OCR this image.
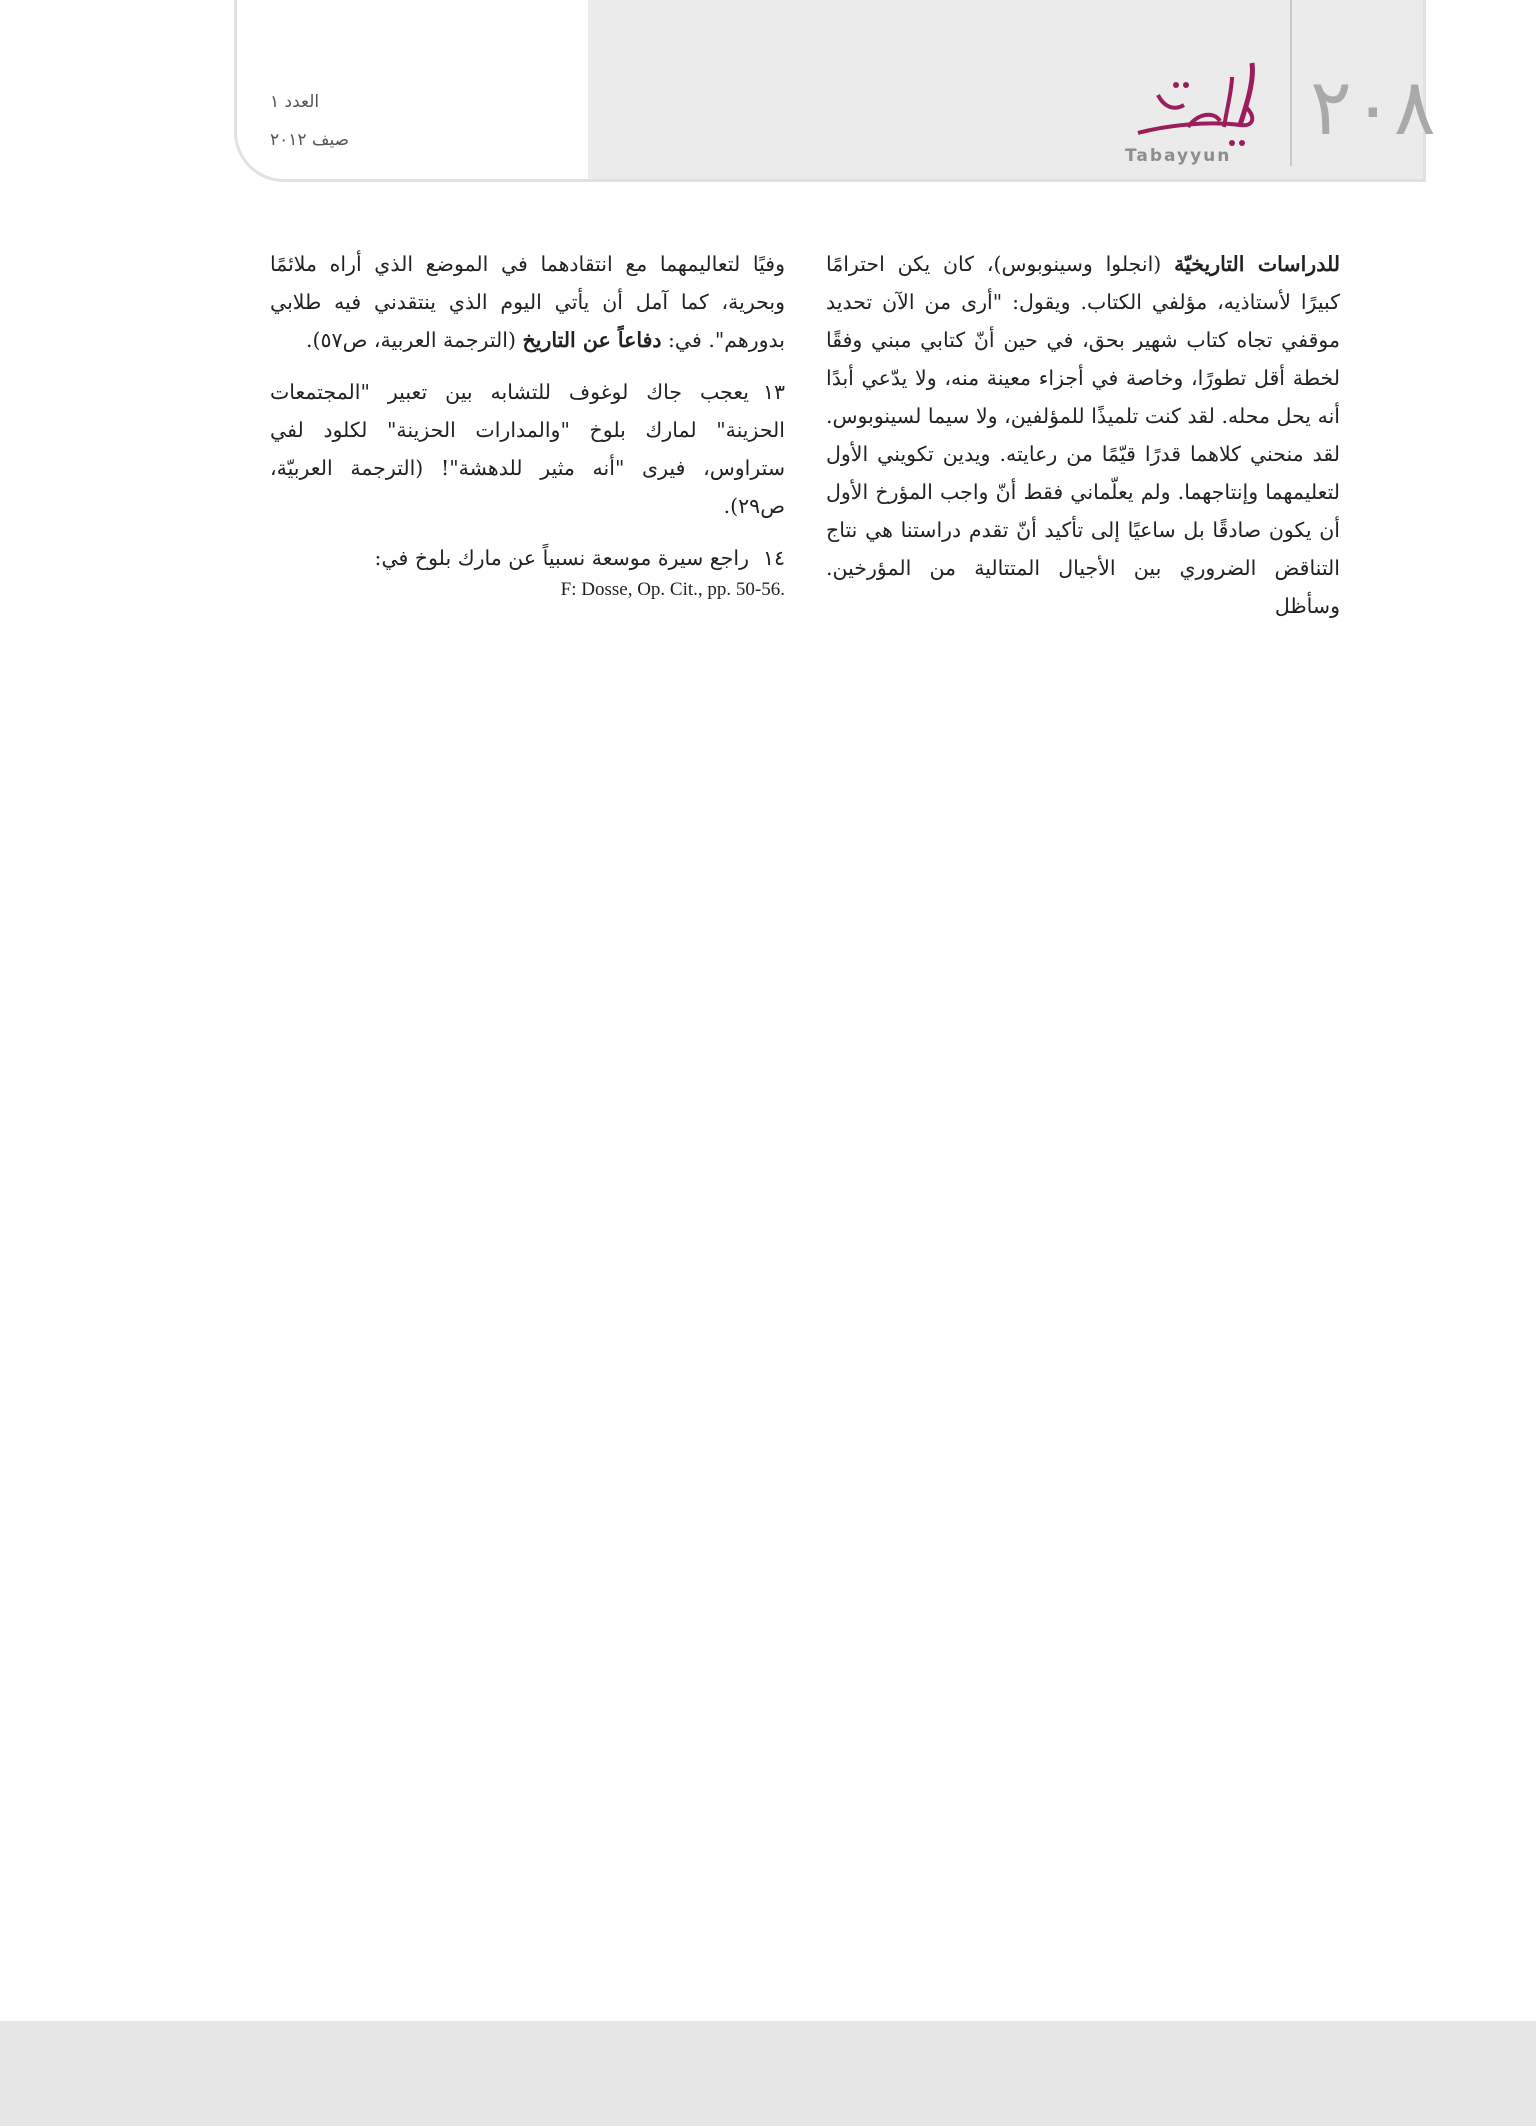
٢٠٨
Tabayyun
العدد ١
صيف ٢٠١٢

للدراسات التاريخيّة (انجلوا وسينوبوس)، كان يكن احترامًا كبيرًا لأستاذيه، مؤلفي الكتاب. ويقول: "أرى من الآن تحديد موقفي تجاه كتاب شهير بحق، في حين أنّ كتابي مبني وفقًا لخطة أقل تطورًا، وخاصة في أجزاء معينة منه، ولا يدّعي أبدًا أنه يحل محله. لقد كنت تلميذًا للمؤلفين، ولا سيما لسينوبوس. لقد منحني كلاهما قدرًا قيّمًا من رعايته. ويدين تكويني الأول لتعليمهما وإنتاجهما. ولم يعلّماني فقط أنّ واجب المؤرخ الأول أن يكون صادقًا بل ساعيًا إلى تأكيد أنّ تقدم دراستنا هي نتاج التناقض الضروري بين الأجيال المتتالية من المؤرخين. وسأظل

وفيًا لتعاليمهما مع انتقادهما في الموضع الذي أراه ملائمًا وبحرية، كما آمل أن يأتي اليوم الذي ينتقدني فيه طلابي بدورهم". في: دفاعاً عن التاريخ (الترجمة العربية، ص٥٧).

١٣يعجب جاك لوغوف للتشابه بين تعبير "المجتمعات الحزينة" لمارك بلوخ "والمدارات الحزينة" لكلود لفي ستراوس، فيرى "أنه مثير للدهشة"! (الترجمة العربيّة، ص٢٩).

١٤راجع سيرة موسعة نسبياً عن مارك بلوخ في:

F: Dosse, Op. Cit., pp. 50-56.
